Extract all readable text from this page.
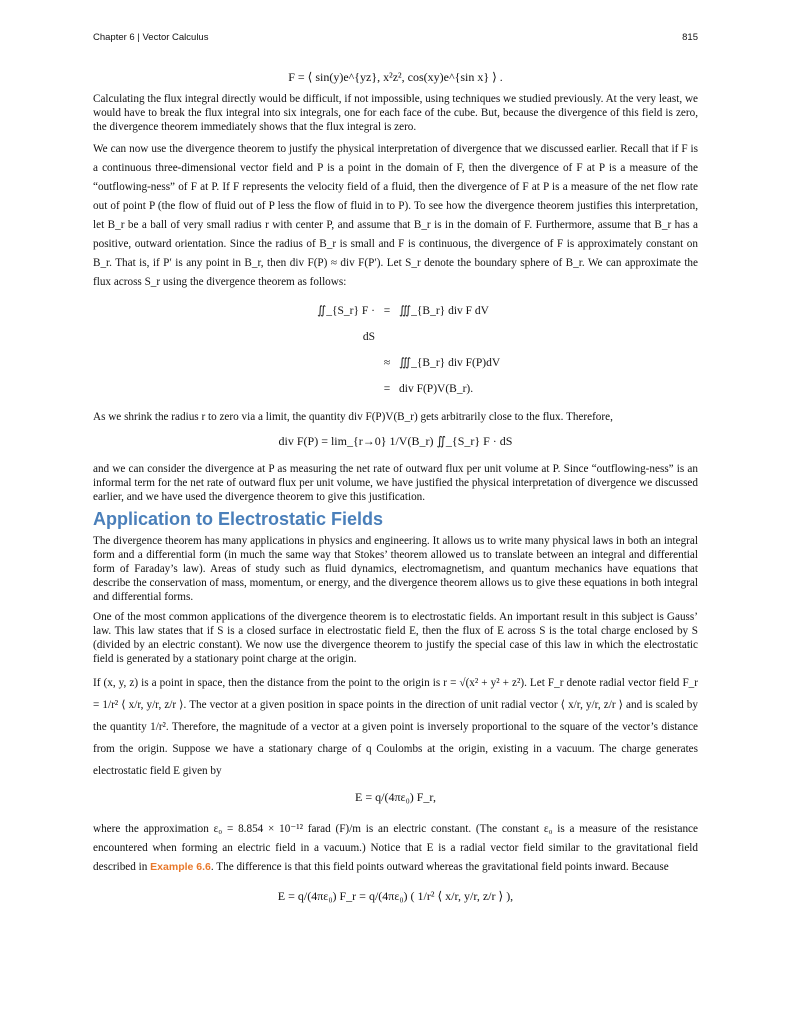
Chapter 6 | Vector Calculus	815
F = ⟨ sin(y)e^{yz}, x²z², cos(xy)e^{sin x} ⟩ .

Calculating the flux integral directly would be difficult, if not impossible, using techniques we studied previously. At the very least, we would have to break the flux integral into six integrals, one for each face of the cube. But, because the divergence of this field is zero, the divergence theorem immediately shows that the flux integral is zero.

We can now use the divergence theorem to justify the physical interpretation of divergence that we discussed earlier. Recall that if F is a continuous three-dimensional vector field and P is a point in the domain of F, then the divergence of F at P is a measure of the “outflowing-ness” of F at P. If F represents the velocity field of a fluid, then the divergence of F at P is a measure of the net flow rate out of point P (the flow of fluid out of P less the flow of fluid in to P). To see how the divergence theorem justifies this interpretation, let B_r be a ball of very small radius r with center P, and assume that B_r is in the domain of F. Furthermore, assume that B_r has a positive, outward orientation. Since the radius of B_r is small and F is continuous, the divergence of F is approximately constant on B_r. That is, if P′ is any point in B_r, then div F(P) ≈ div F(P′). Let S_r denote the boundary sphere of B_r. We can approximate the flux across S_r using the divergence theorem as follows:

∬_{S_r} F · dS
= ∭_{B_r} div F dV
≈ ∭_{B_r} div F(P)dV
= div F(P)V(B_r).

As we shrink the radius r to zero via a limit, the quantity div F(P)V(B_r) gets arbitrarily close to the flux. Therefore,

div F(P) = lim_{r→0} 1/V(B_r) ∬_{S_r} F · dS

and we can consider the divergence at P as measuring the net rate of outward flux per unit volume at P. Since “outflowing-ness” is an informal term for the net rate of outward flux per unit volume, we have justified the physical interpretation of divergence we discussed earlier, and we have used the divergence theorem to give this justification.

Application to Electrostatic Fields

The divergence theorem has many applications in physics and engineering. It allows us to write many physical laws in both an integral form and a differential form (in much the same way that Stokes’ theorem allowed us to translate between an integral and differential form of Faraday’s law). Areas of study such as fluid dynamics, electromagnetism, and quantum mechanics have equations that describe the conservation of mass, momentum, or energy, and the divergence theorem allows us to give these equations in both integral and differential forms.

One of the most common applications of the divergence theorem is to electrostatic fields. An important result in this subject is Gauss’ law. This law states that if S is a closed surface in electrostatic field E, then the flux of E across S is the total charge enclosed by S (divided by an electric constant). We now use the divergence theorem to justify the special case of this law in which the electrostatic field is generated by a stationary point charge at the origin.

If (x, y, z) is a point in space, then the distance from the point to the origin is r = √(x² + y² + z²). Let F_r denote radial vector field F_r = 1/r² ⟨ x/r, y/r, z/r ⟩. The vector at a given position in space points in the direction of unit radial vector ⟨ x/r, y/r, z/r ⟩ and is scaled by the quantity 1/r². Therefore, the magnitude of a vector at a given point is inversely proportional to the square of the vector’s distance from the origin. Suppose we have a stationary charge of q Coulombs at the origin, existing in a vacuum. The charge generates electrostatic field E given by

E = q/(4πε₀) F_r,

where the approximation ε₀ = 8.854 × 10⁻¹² farad (F)/m is an electric constant. (The constant ε₀ is a measure of the resistance encountered when forming an electric field in a vacuum.) Notice that E is a radial vector field similar to the gravitational field described in Example 6.6. The difference is that this field points outward whereas the gravitational field points inward. Because

E = q/(4πε₀) F_r = q/(4πε₀) ( 1/r² ⟨ x/r, y/r, z/r ⟩ ),
